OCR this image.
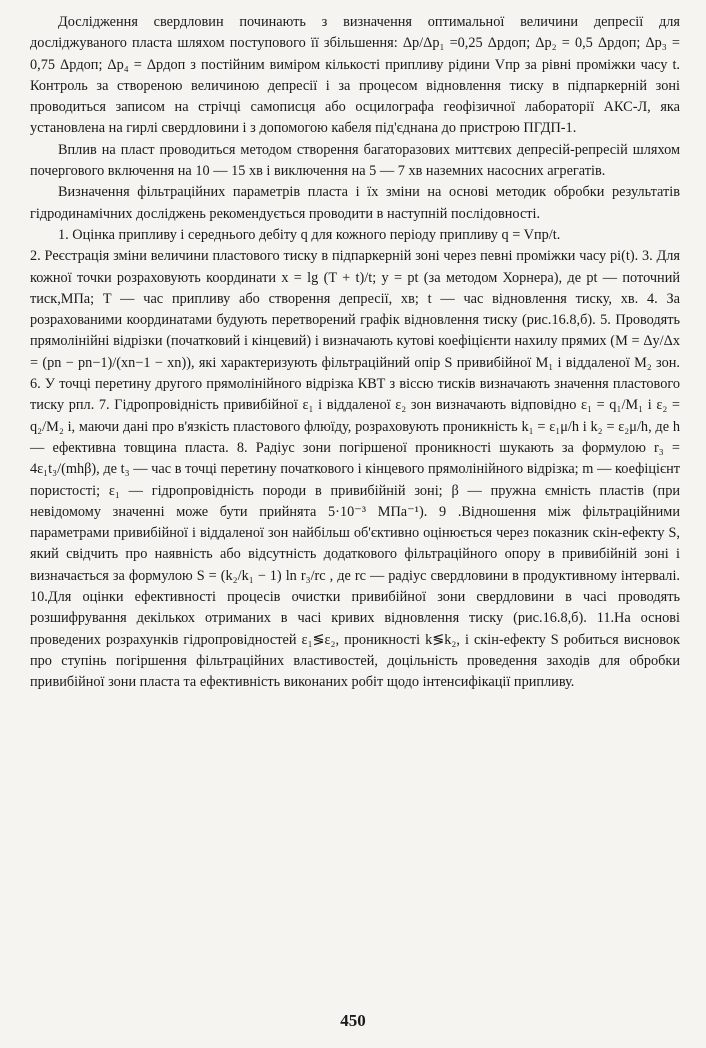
Дослідження свердловин починають з визначення оптимальної величини депресії для досліджуваного пласта шляхом поступового її збільшення: Δp/Δp₁ =0,25 Δpдоп; Δp₂ = 0,5 Δpдоп; Δp₃ = 0,75 Δpдоп; Δp₄ = Δpдоп з постійним виміром кількості припливу рідини Vпр за рівні проміжки часу t. Контроль за створеною величиною депресії і за процесом відновлення тиску в підпаркерній зоні проводиться записом на стрічці самописця або осцилографа геофізичної лабораторії АКС-Л, яка установлена на гирлі свердловини і з допомогою кабеля під'єднана до пристрою ПГДП-1.

Вплив на пласт проводиться методом створення багаторазових миттєвих депресій-репресій шляхом почергового включення на 10 — 15 хв і виключення на 5 — 7 хв наземних насосних агрегатів.

Визначення фільтраційних параметрів пласта і їх зміни на основі методик обробки результатів гідродинамічних досліджень рекомендується проводити в наступній послідовності.

1. Оцінка припливу і середнього дебіту q для кожного періоду припливу q = Vпр/t.

2. Реєстрація зміни величини пластового тиску в підпаркерній зоні через певні проміжки часу pi(t). 3. Для кожної точки розраховують координати x = lg (T + t)/t; y = pt (за методом Хорнера), де pt — поточний тиск,МПа; T — час припливу або створення депресії, хв; t — час відновлення тиску, хв. 4. За розрахованими координатами будують перетворений графік відновлення тиску (рис.16.8,б). 5. Проводять прямолінійні відрізки (початковий і кінцевий) і визначають кутові коефіцієнти нахилу прямих (M = Δy/Δx = (pn − pn−1)/(xn−1 − xn)), які характеризують фільтраційний опір S привибійної M₁ і віддаленої M₂ зон. 6. У точці перетину другого прямолінійного відрізка КВТ з віссю тисків визначають значення пластового тиску pпл. 7. Гідропровідність привибійної ε₁ і віддаленої ε₂ зон визначають відповідно ε₁ = q₁/M₁ і ε₂ = q₂/M₂ і, маючи дані про в'язкість пластового флюїду, розраховують проникність k₁ = ε₁μ/h і k₂ = ε₂μ/h, де h — ефективна товщина пласта. 8. Радіус зони погіршеної проникності шукають за формулою r₃ = 4ε₁t₃/(mhβ), де t₃ — час в точці перетину початкового і кінцевого прямолінійного відрізка; m — коефіцієнт пористості; ε₁ — гідропровідність породи в привибійній зоні; β — пружна ємність пластів (при невідомому значенні може бути прийнята 5·10⁻³ МПа⁻¹). 9 .Відношення між фільтраційними параметрами привибійної і віддаленої зон найбільш об'єктивно оцінюється через показник скін-ефекту S, який свідчить про наявність або відсутність додаткового фільтраційного опору в привибійній зоні і визначається за формулою S = (k₂/k₁ − 1) ln r₃/rc , де rc — радіус свердловини в продуктивному інтервалі. 10.Для оцінки ефективності процесів очистки привибійної зони свердловини в часі проводять розшифрування декількох отриманих в часі кривих відновлення тиску (рис.16.8,б). 11.На основі проведених розрахунків гідропровідностей ε₁≶ε₂, проникності k≶k₂, і скін-ефекту S робиться висновок про ступінь погіршення фільтраційних властивостей, доцільність проведення заходів для обробки привибійної зони пласта та ефективність виконаних робіт щодо інтенсифікації припливу.

450
